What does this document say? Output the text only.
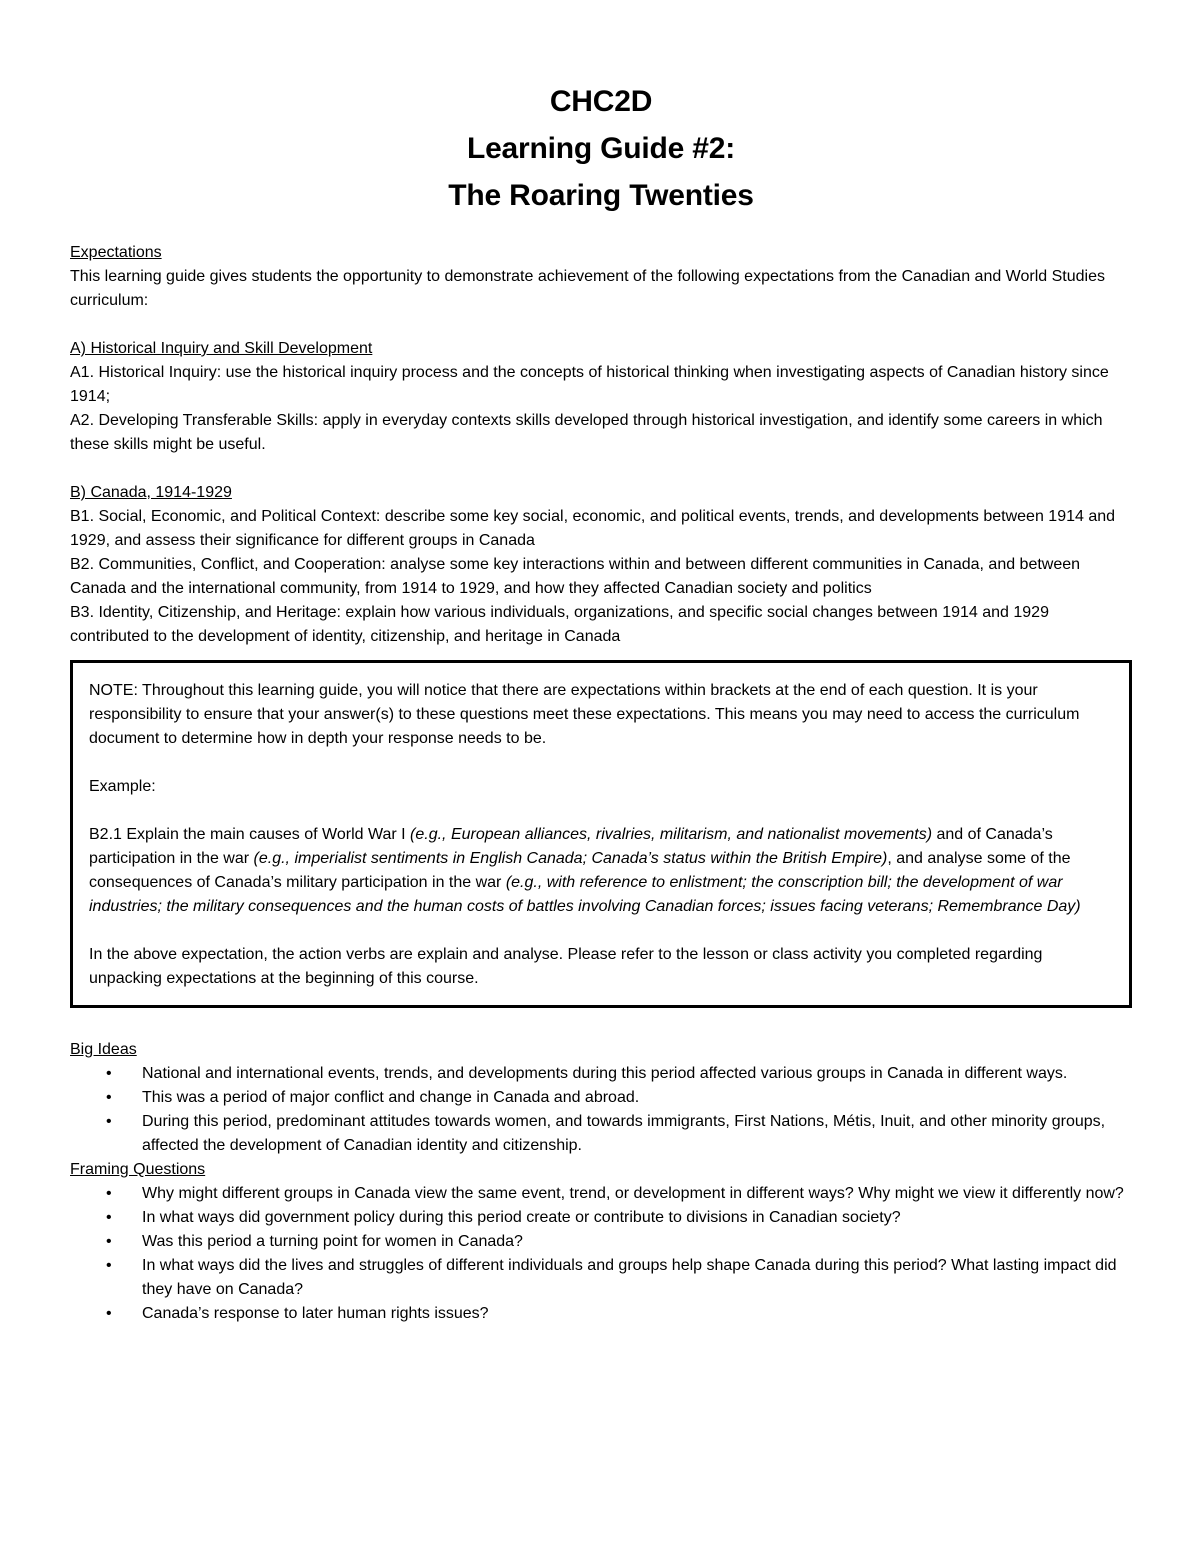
CHC2D
Learning Guide #2:
The Roaring Twenties

Expectations

This learning guide gives students the opportunity to demonstrate achievement of the following expectations from the Canadian and World Studies curriculum:

A) Historical Inquiry and Skill Development

A1. Historical Inquiry: use the historical inquiry process and the concepts of historical thinking when investigating aspects of Canadian history since 1914;

A2. Developing Transferable Skills: apply in everyday contexts skills developed through historical investigation, and identify some careers in which these skills might be useful.

B) Canada, 1914-1929

B1. Social, Economic, and Political Context: describe some key social, economic, and political events, trends, and developments between 1914 and 1929, and assess their significance for different groups in Canada

B2. Communities, Conflict, and Cooperation: analyse some key interactions within and between different communities in Canada, and between Canada and the international community, from 1914 to 1929, and how they affected Canadian society and politics

B3. Identity, Citizenship, and Heritage: explain how various individuals, organizations, and specific social changes between 1914 and 1929 contributed to the development of identity, citizenship, and heritage in Canada

NOTE: Throughout this learning guide, you will notice that there are expectations within brackets at the end of each question. It is your responsibility to ensure that your answer(s) to these questions meet these expectations. This means you may need to access the curriculum document to determine how in depth your response needs to be.

Example:

B2.1 Explain the main causes of World War I (e.g., European alliances, rivalries, militarism, and nationalist movements) and of Canada’s participation in the war (e.g., imperialist sentiments in English Canada; Canada’s status within the British Empire), and analyse some of the consequences of Canada’s military participation in the war (e.g., with reference to enlistment; the conscription bill; the development of war industries; the military consequences and the human costs of battles involving Canadian forces; issues facing veterans; Remembrance Day)

In the above expectation, the action verbs are explain and analyse. Please refer to the lesson or class activity you completed regarding unpacking expectations at the beginning of this course.

Big Ideas

• National and international events, trends, and developments during this period affected various groups in Canada in different ways.
• This was a period of major conflict and change in Canada and abroad.
• During this period, predominant attitudes towards women, and towards immigrants, First Nations, Métis, Inuit, and other minority groups, affected the development of Canadian identity and citizenship.

Framing Questions

• Why might different groups in Canada view the same event, trend, or development in different ways? Why might we view it differently now?
• In what ways did government policy during this period create or contribute to divisions in Canadian society?
• Was this period a turning point for women in Canada?
• In what ways did the lives and struggles of different individuals and groups help shape Canada during this period? What lasting impact did they have on Canada?
• Canada’s response to later human rights issues?
